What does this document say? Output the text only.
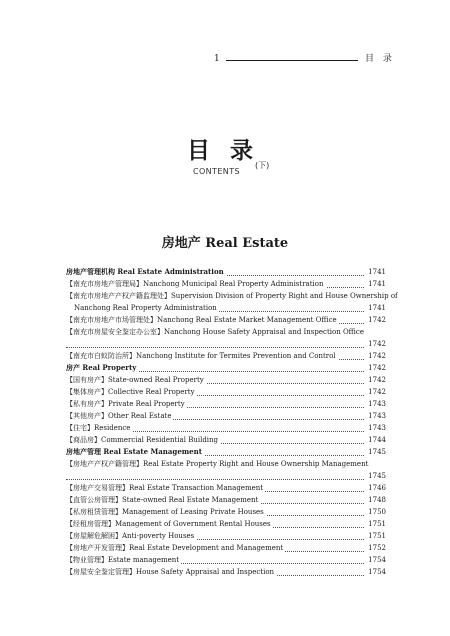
1	目 录
目 录
(下)
CONTENTS
房地产 Real Estate
房地产管理机构 Real Estate Administration	1741
【南充市房地产管理局】Nanchong Municipal Real Property Administration	1741
【南充市房地产产权产籍监理处】Supervision Division of Property Right and House Ownership of
Nanchong Real Property Administration	1741
【南充市房地产市场管理处】Nanchong Real Estate Market Management Office	1742
【南充市房屋安全鉴定办公室】Nanchong House Safety Appraisal and Inspection Office
1742
【南充市白蚁防治所】Nanchong Institute for Termites Prevention and Control	1742
房产 Real Property	1742
【国有房产】State-owned Real Property	1742
【集体房产】Collective Real Property	1742
【私有房产】Private Real Property	1743
【其他房产】Other Real Estate	1743
【住宅】Residence	1743
【商品房】Commercial Residential Building	1744
房地产管理 Real Estate Management	1745
【房地产产权产籍管理】Real Estate Property Right and House Ownership Management
1745
【房地产交易管理】Real Estate Transaction Management	1746
【直管公房管理】State-owned Real Estate Management	1748
【私房租赁管理】Management of Leasing Private Houses	1750
【经租房管理】Management of Government Rental Houses	1751
【房屋解危解困】Anti-poverty Houses	1751
【房地产开发管理】Real Estate Development and Management	1752
【物业管理】Estate management	1754
【房屋安全鉴定管理】House Safety Appraisal and Inspection	1754
